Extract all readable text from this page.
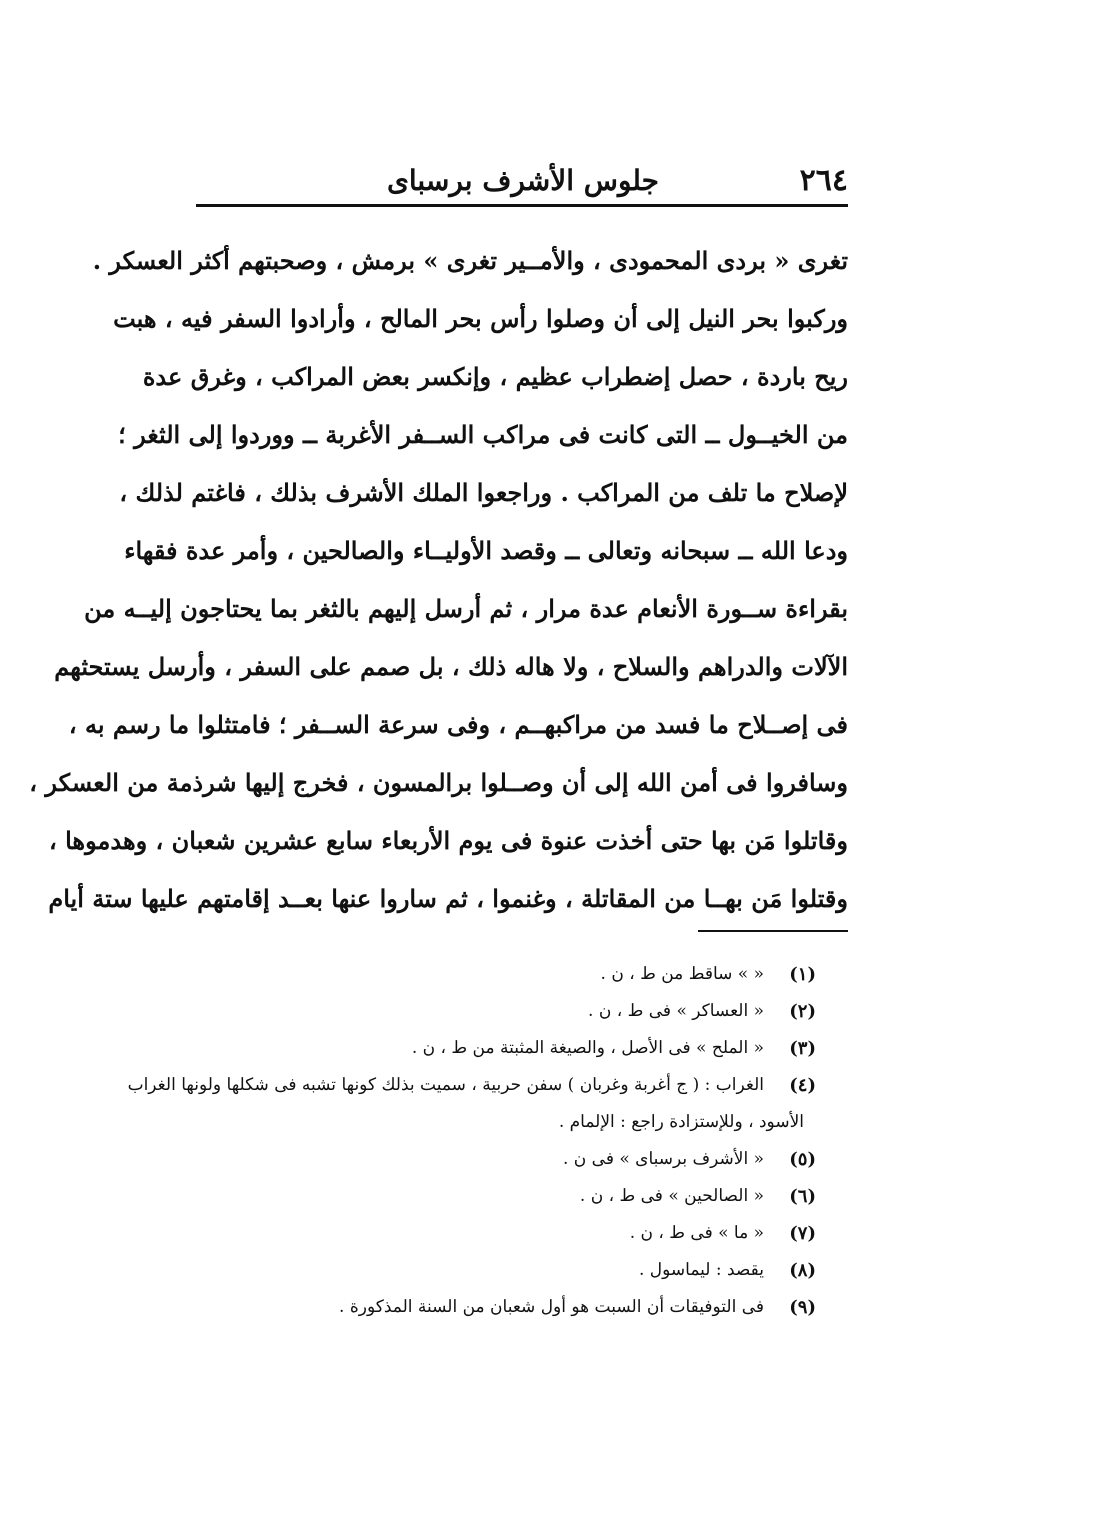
٢٦٤
جلوس الأشرف برسباى
تغرى « بردى المحمودى ، والأمــير تغرى » برمش ، وصحبتهم أكثر العسكر .
وركبوا بحر النيل إلى أن وصلوا رأس بحر المالح ، وأرادوا السفر فيه ، هبت
ريح باردة ، حصل إضطراب عظيم ، وإنكسر بعض المراكب ، وغرق عدة
من الخيــول ــ التى كانت فى مراكب الســفر الأغربة ــ ووردوا إلى الثغر ؛
لإصلاح ما تلف من المراكب . وراجعوا الملك الأشرف بذلك ، فاغتم لذلك ،
ودعا الله ــ سبحانه وتعالى ــ وقصد الأوليــاء والصالحين ، وأمر عدة فقهاء
بقراءة ســورة الأنعام عدة مرار ، ثم أرسل إليهم بالثغر بما يحتاجون إليــه من
الآلات والدراهم والسلاح ، ولا هاله ذلك ، بل صمم على السفر ، وأرسل يستحثهم
فى إصــلاح ما فسد من مراكبهــم ، وفى سرعة الســفر ؛ فامتثلوا ما رسم به ،
وسافروا فى أمن الله إلى أن وصــلوا برالمسون ، فخرج إليها شرذمة من العسكر ،
وقاتلوا مَن بها حتى أخذت عنوة فى يوم الأربعاء سابع عشرين شعبان ، وهدموها ،
وقتلوا مَن بهــا من المقاتلة ، وغنموا ، ثم ساروا عنها بعــد إقامتهم عليها ستة أيام
(١)
« » ساقط من ط ، ن .
(٢)
« العساكر » فى ط ، ن .
(٣)
« الملح » فى الأصل ، والصيغة المثبتة من ط ، ن .
(٤)
الغراب : ( ج أغربة وغربان ) سفن حربية ، سميت بذلك كونها تشبه فى شكلها ولونها الغراب
الأسود ، وللإستزادة راجع : الإلمام .
(٥)
« الأشرف برسباى » فى ن .
(٦)
« الصالحين » فى ط ، ن .
(٧)
« ما » فى ط ، ن .
(٨)
يقصد : ليماسول .
(٩)
فى التوفيقات أن السبت هو أول شعبان من السنة المذكورة .
